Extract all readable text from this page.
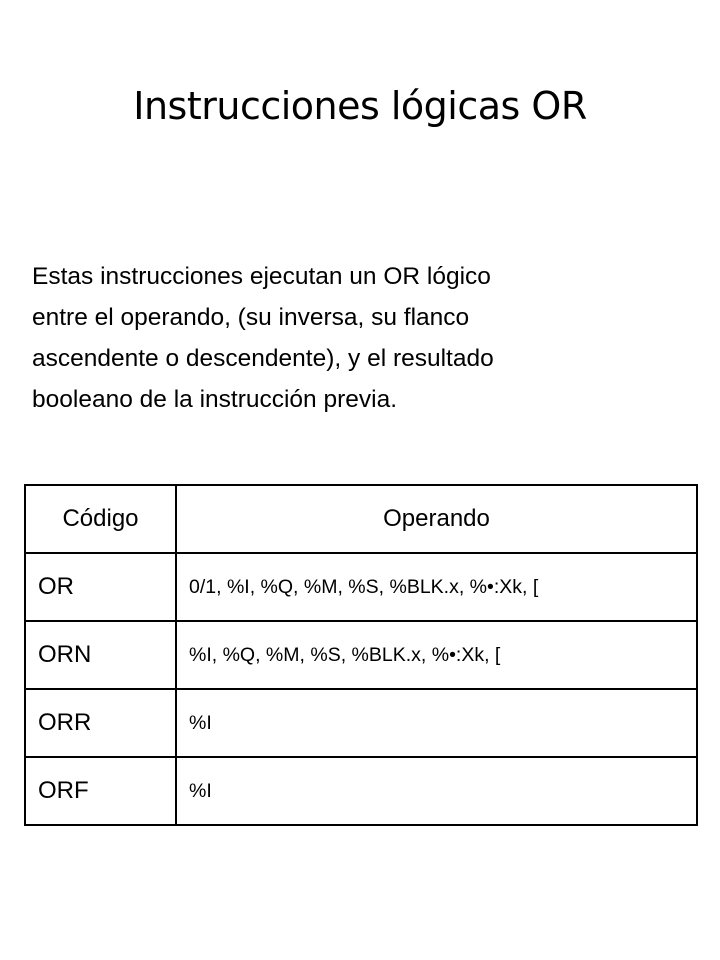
Instrucciones lógicas OR
Estas instrucciones ejecutan un OR lógico
entre el operando, (su inversa, su flanco
ascendente o descendente), y el resultado
booleano de la instrucción previa.
Código	Operando
OR	0/1, %I, %Q, %M, %S, %BLK.x, %•:Xk, [
ORN	%I, %Q, %M, %S, %BLK.x, %•:Xk, [
ORR	%I
ORF	%I
